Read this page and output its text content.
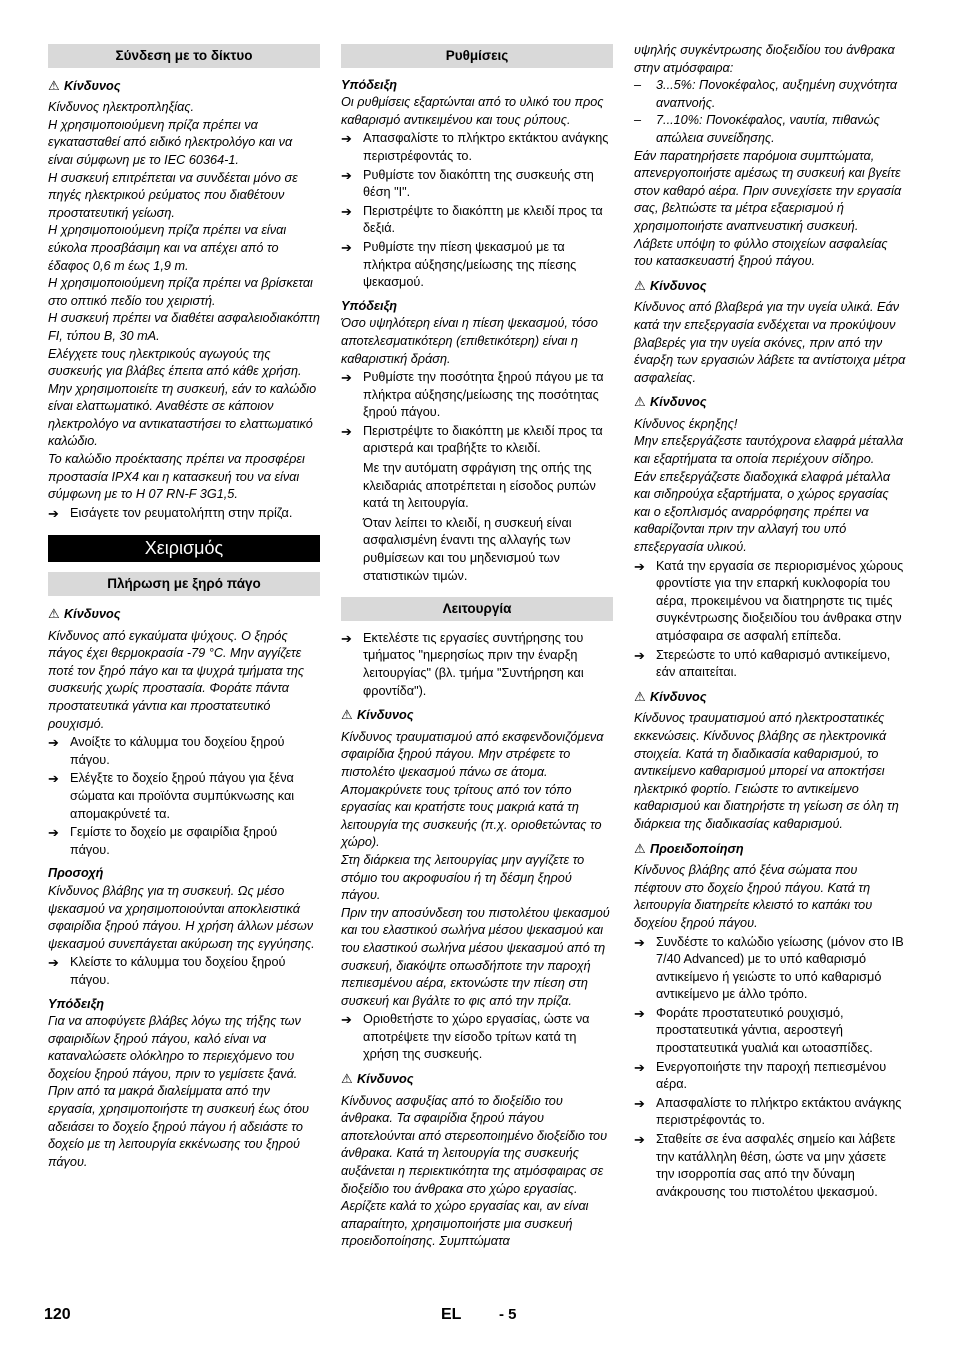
Σύνδεση με το δίκτυο
⚠ Κίνδυνος

Κίνδυνος ηλεκτροπληξίας.

Η χρησιμοποιούμενη πρίζα πρέπει να εγκατασταθεί από ειδικό ηλεκτρολόγο και να είναι σύμφωνη με το IEC 60364-1.

Η συσκευή επιτρέπεται να συνδέεται μόνο σε πηγές ηλεκτρικού ρεύματος που διαθέτουν προστατευτική γείωση.

Η χρησιμοποιούμενη πρίζα πρέπει να είναι εύκολα προσβάσιμη και να απέχει από το έδαφος 0,6 m έως 1,9 m.

Η χρησιμοποιούμενη πρίζα πρέπει να βρίσκεται στο οπτικό πεδίο του χειριστή.

Η συσκευή πρέπει να διαθέτει ασφαλειοδιακόπτη FI, τύπου B, 30 mA.

Ελέγχετε τους ηλεκτρικούς αγωγούς της συσκευής για βλάβες έπειτα από κάθε χρήση. Μην χρησιμοποιείτε τη συσκευή, εάν το καλώδιο είναι ελαττωματικό. Αναθέστε σε κάποιον ηλεκτρολόγο να αντικαταστήσει το ελαττωματικό καλώδιο.

Το καλώδιο προέκτασης πρέπει να προσφέρει προστασία IPX4 και η κατασκευή του να είναι σύμφωνη με το H 07 RN-F 3G1,5.

➔ Εισάγετε τον ρευματολήπτη στην πρίζα.
Χειρισμός
Πλήρωση με ξηρό πάγο
⚠ Κίνδυνος

Κίνδυνος από εγκαύματα ψύχους. Ο ξηρός πάγος έχει θερμοκρασία -79 °C. Μην αγγίζετε ποτέ τον ξηρό πάγο και τα ψυχρά τμήματα της συσκευής χωρίς προστασία. Φοράτε πάντα προστατευτικά γάντια και προστατευτικό ρουχισμό.

➔ Ανοίξτε το κάλυμμα του δοχείου ξηρού πάγου.
➔ Ελέγξτε το δοχείο ξηρού πάγου για ξένα σώματα και προϊόντα συμπύκνωσης και απομακρύνετέ τα.
➔ Γεμίστε το δοχείο με σφαιρίδια ξηρού πάγου.
Προσοχή

Κίνδυνος βλάβης για τη συσκευή. Ως μέσο ψεκασμού να χρησιμοποιούνται αποκλειστικά σφαιρίδια ξηρού πάγου. Η χρήση άλλων μέσων ψεκασμού συνεπάγεται ακύρωση της εγγύησης.

➔ Κλείστε το κάλυμμα του δοχείου ξηρού πάγου.
Υπόδειξη

Για να αποφύγετε βλάβες λόγω της τήξης των σφαιριδίων ξηρού πάγου, καλό είναι να καταναλώσετε ολόκληρο το περιεχόμενο του δοχείου ξηρού πάγου, πριν το γεμίσετε ξανά. Πριν από τα μακρά διαλείμματα από την εργασία, χρησιμοποιήστε τη συσκευή έως ότου αδειάσει το δοχείο ξηρού πάγου ή αδειάστε το δοχείο με τη λειτουργία εκκένωσης του ξηρού πάγου.

Ρυθμίσεις
Υπόδειξη

Οι ρυθμίσεις εξαρτώνται από το υλικό του προς καθαρισμό αντικειμένου και τους ρύπους.

➔ Απασφαλίστε το πλήκτρο εκτάκτου ανάγκης περιστρέφοντάς το.
➔ Ρυθμίστε τον διακόπτη της συσκευής στη θέση "I".
➔ Περιστρέψτε το διακόπτη με κλειδί προς τα δεξιά.
➔ Ρυθμίστε την πίεση ψεκασμού με τα πλήκτρα αύξησης/μείωσης της πίεσης ψεκασμού.
Υπόδειξη

Όσο υψηλότερη είναι η πίεση ψεκασμού, τόσο αποτελεσματικότερη (επιθετικότερη) είναι η καθαριστική δράση.

➔ Ρυθμίστε την ποσότητα ξηρού πάγου με τα πλήκτρα αύξησης/μείωσης της ποσότητας ξηρού πάγου.
➔ Περιστρέψτε το διακόπτη με κλειδί προς τα αριστερά και τραβήξτε το κλειδί.
Με την αυτόματη σφράγιση της οπής της κλειδαριάς αποτρέπεται η είσοδος ρυπών κατά τη λειτουργία.
Όταν λείπει το κλειδί, η συσκευή είναι ασφαλισμένη έναντι της αλλαγής των ρυθμίσεων και του μηδενισμού των στατιστικών τιμών.
Λειτουργία
➔ Εκτελέστε τις εργασίες συντήρησης του τμήματος "ημερησίως πριν την έναρξη λειτουργίας" (βλ. τμήμα "Συντήρηση και φροντίδα").
⚠ Κίνδυνος

Κίνδυνος τραυματισμού από εκσφενδονιζόμενα σφαιρίδια ξηρού πάγου. Μην στρέφετε το πιστολέτο ψεκασμού πάνω σε άτομα. Απομακρύνετε τους τρίτους από τον τόπο εργασίας και κρατήστε τους μακριά κατά τη λειτουργία της συσκευής (π.χ. οριοθετώντας το χώρο).

Στη διάρκεια της λειτουργίας μην αγγίζετε το στόμιο του ακροφυσίου ή τη δέσμη ξηρού πάγου.

Πριν την αποσύνδεση του πιστολέτου ψεκασμού και του ελαστικού σωλήνα μέσου ψεκασμού και του ελαστικού σωλήνα μέσου ψεκασμού από τη συσκευή, διακόψτε οπωσδήποτε την παροχή πεπιεσμένου αέρα, εκτονώστε την πίεση στη συσκευή και βγάλτε το φις από την πρίζα.

➔ Οριοθετήστε το χώρο εργασίας, ώστε να αποτρέψετε την είσοδο τρίτων κατά τη χρήση της συσκευής.
⚠ Κίνδυνος

Κίνδυνος ασφυξίας από το διοξείδιο του άνθρακα. Τα σφαιρίδια ξηρού πάγου αποτελούνται από στερεοποιημένο διοξείδιο του άνθρακα. Κατά τη λειτουργία της συσκευής αυξάνεται η περιεκτικότητα της ατμόσφαιρας σε διοξείδιο του άνθρακα στο χώρο εργασίας. Αερίζετε καλά το χώρο εργασίας και, αν είναι απαραίτητο, χρησιμοποιήστε μια συσκευή προειδοποίησης. Συμπτώματα

υψηλής συγκέντρωσης διοξειδίου του άνθρακα στην ατμόσφαιρα:

–	3...5%: Πονοκέφαλος, αυξημένη συχνότητα αναπνοής.
–	7...10%: Πονοκέφαλος, ναυτία, πιθανώς απώλεια συνείδησης.

Εάν παρατηρήσετε παρόμοια συμπτώματα, απενεργοποιήστε αμέσως τη συσκευή και βγείτε στον καθαρό αέρα. Πριν συνεχίσετε την εργασία σας, βελτιώστε τα μέτρα εξαερισμού ή χρησιμοποιήστε αναπνευστική συσκευή.

Λάβετε υπόψη το φύλλο στοιχείων ασφαλείας του κατασκευαστή ξηρού πάγου.

⚠ Κίνδυνος

Κίνδυνος από βλαβερά για την υγεία υλικά. Εάν κατά την επεξεργασία ενδέχεται να προκύψουν βλαβερές για την υγεία σκόνες, πριν από την έναρξη των εργασιών λάβετε τα αντίστοιχα μέτρα ασφαλείας.

⚠ Κίνδυνος

Κίνδυνος έκρηξης!

Μην επεξεργάζεστε ταυτόχρονα ελαφρά μέταλλα και εξαρτήματα τα οποία περιέχουν σίδηρο.

Εάν επεξεργάζεστε διαδοχικά ελαφρά μέταλλα και σιδηρούχα εξαρτήματα, ο χώρος εργασίας και ο εξοπλισμός αναρρόφησης πρέπει να καθαρίζονται πριν την αλλαγή του υπό επεξεργασία υλικού.

➔ Κατά την εργασία σε περιορισμένος χώρους φροντίστε για την επαρκή κυκλοφορία του αέρα, προκειμένου να διατηρηστε τις τιμές συγκέντρωσης διοξειδίου του άνθρακα στην ατμόσφαιρα σε ασφαλή επίπεδα.
➔ Στερεώστε το υπό καθαρισμό αντικείμενο, εάν απαιτείται.
⚠ Κίνδυνος

Κίνδυνος τραυματισμού από ηλεκτροστατικές εκκενώσεις. Κίνδυνος βλάβης σε ηλεκτρονικά στοιχεία. Κατά τη διαδικασία καθαρισμού, το αντικείμενο καθαρισμού μπορεί να αποκτήσει ηλεκτρικό φορτίο. Γειώστε το αντικείμενο καθαρισμού και διατηρήστε τη γείωση σε όλη τη διάρκεια της διαδικασίας καθαρισμού.

⚠ Προειδοποίηση

Κίνδυνος βλάβης από ξένα σώματα που πέφτουν στο δοχείο ξηρού πάγου. Κατά τη λειτουργία διατηρείτε κλειστό το καπάκι του δοχείου ξηρού πάγου.

➔ Συνδέστε το καλώδιο γείωσης (μόνον στο IB 7/40 Advanced) με το υπό καθαρισμό αντικείμενο ή γειώστε το υπό καθαρισμό αντικείμενο με άλλο τρόπο.
➔ Φοράτε προστατευτικό ρουχισμό, προστατευτικά γάντια, αεροστεγή προστατευτικά γυαλιά και ωτοασπίδες.
➔ Ενεργοποιήστε την παροχή πεπιεσμένου αέρα.
➔ Απασφαλίστε το πλήκτρο εκτάκτου ανάγκης περιστρέφοντάς το.
➔ Σταθείτε σε ένα ασφαλές σημείο και λάβετε την κατάλληλη θέση, ώστε να μην χάσετε την ισορροπία σας από την δύναμη ανάκρουσης του πιστολέτου ψεκασμού.
120	EL	- 5
